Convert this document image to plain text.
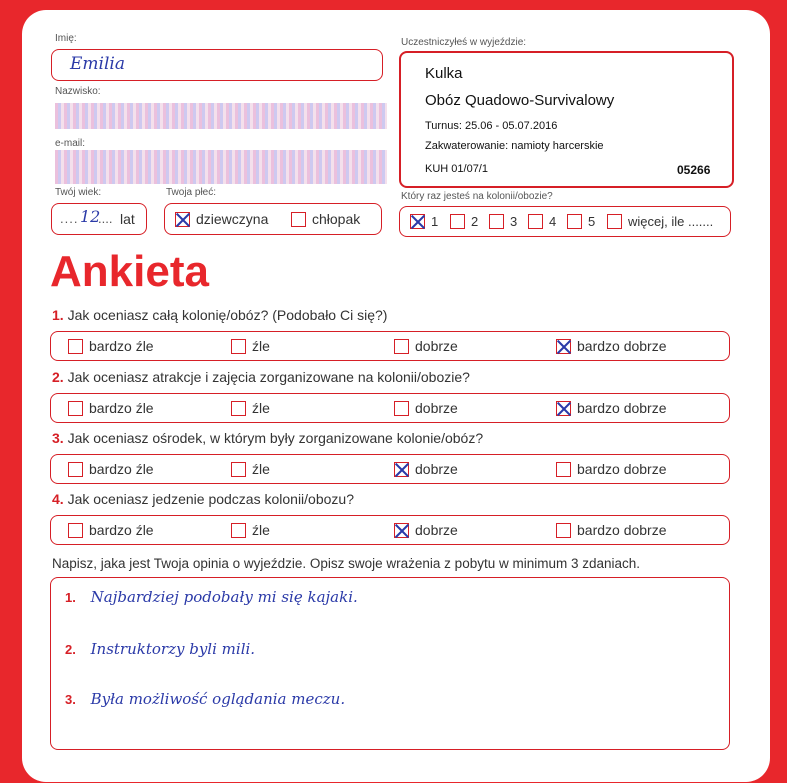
Imię:
Emilia
Nazwisko:
e-mail:
Twój wiek:
.... 12
.... lat
Twoja płeć:
dziewczyna	chłopak
Uczestniczyłeś w wyjeździe:
Kulka
Obóz Quadowo-Survivalowy
Turnus: 25.06 - 05.07.2016
Zakwaterowanie: namioty harcerskie
KUH 01/07/1	05266
Który raz jesteś na kolonii/obozie?
1	2 3 4 5	więcej, ile .......
Ankieta
1. Jak oceniasz całą kolonię/obóz? (Podobało Ci się?)
bardzo źle	źle	dobrze	bardzo dobrze
2. Jak oceniasz atrakcje i zajęcia zorganizowane na kolonii/obozie?
bardzo źle	źle	dobrze	bardzo dobrze
3. Jak oceniasz ośrodek, w którym były zorganizowane kolonie/obóz?
bardzo źle	źle	dobrze	bardzo dobrze
4. Jak oceniasz jedzenie podczas kolonii/obozu?
bardzo źle	źle	dobrze	bardzo dobrze
Napisz, jaka jest Twoja opinia o wyjeździe. Opisz swoje wrażenia z pobytu w minimum 3 zdaniach.
1. Najbardziej podobały mi się kajaki.
2. Instruktorzy byli mili.
3. Była możliwość oglądania meczu.
